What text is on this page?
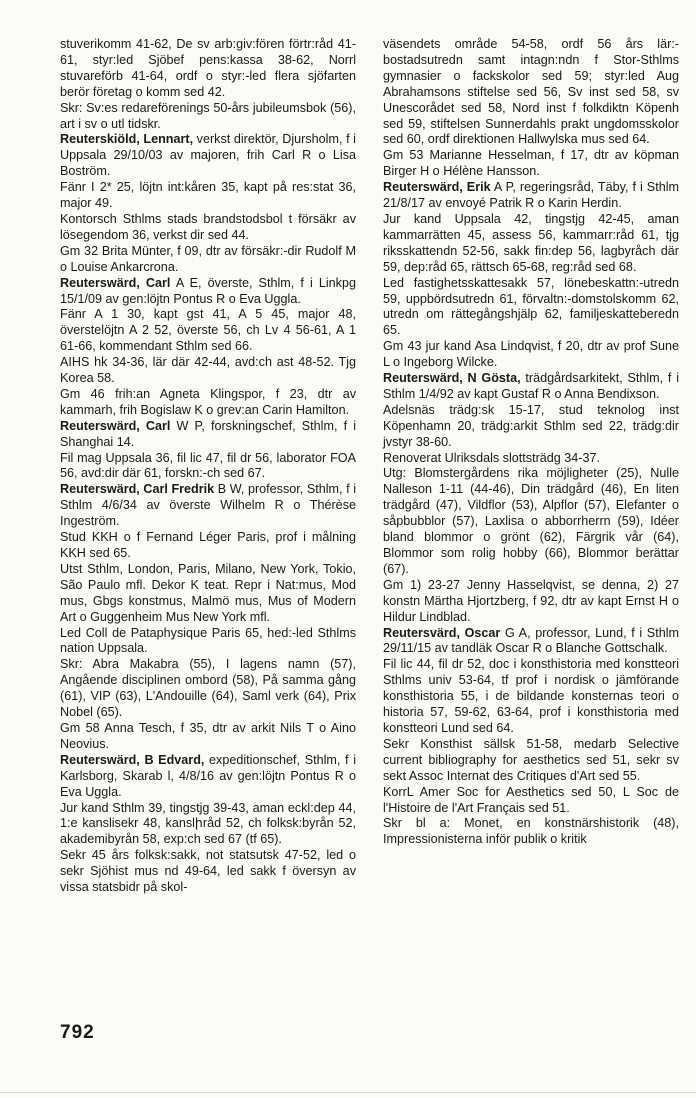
stuverikomm 41-62, De sv arb:giv:fören förtr:råd 41-61, styr:led Sjöbef pens:kassa 38-62, Norrl stuvareförb 41-64, ordf o styr:-led flera sjöfarten berör företag o komm sed 42.

Skr: Sv:es redareförenings 50-års jubileumsbok (56), art i sv o utl tidskr.

Reuterskiöld, Lennart, verkst direktör, Djursholm, f i Uppsala 29/10/03 av majoren, frih Carl R o Lisa Boström.

Fänr I 2* 25, löjtn int:kåren 35, kapt på res:stat 36, major 49.

Kontorsch Sthlms stads brandstodsbol t försäkr av lösegendom 36, verkst dir sed 44.

Gm 32 Brita Münter, f 09, dtr av försäkr:-dir Rudolf M o Louise Ankarcrona.

Reuterswärd, Carl A E, överste, Sthlm, f i Linkpg 15/1/09 av gen:löjtn Pontus R o Eva Uggla.

Fänr A 1 30, kapt gst 41, A 5 45, major 48, överstelöjtn A 2 52, överste 56, ch Lv 4 56-61, A 1 61-66, kommendant Sthlm sed 66.

AIHS hk 34-36, lär där 42-44, avd:ch ast 48-52. Tjg Korea 58.

Gm 46 frih:an Agneta Klingspor, f 23, dtr av kammarh, frih Bogislaw K o grev:an Carin Hamilton.

Reuterswärd, Carl W P, forskningschef, Sthlm, f i Shanghai 14.

Fil mag Uppsala 36, fil lic 47, fil dr 56, laborator FOA 56, avd:dir där 61, forskn:-ch sed 67.

Reuterswärd, Carl Fredrik B W, professor, Sthlm, f i Sthlm 4/6/34 av överste Wilhelm R o Thérèse Ingeström.

Stud KKH o f Fernand Léger Paris, prof i målning KKH sed 65.

Utst Sthlm, London, Paris, Milano, New York, Tokio, São Paulo mfl. Dekor K teat. Repr i Nat:mus, Mod mus, Gbgs konstmus, Malmö mus, Mus of Modern Art o Guggenheim Mus New York mfl.

Led Coll de Pataphysique Paris 65, hed:-led Sthlms nation Uppsala.

Skr: Abra Makabra (55), I lagens namn (57), Angående disciplinen ombord (58), På samma gång (61), VIP (63), L'Andouille (64), Saml verk (64), Prix Nobel (65).

Gm 58 Anna Tesch, f 35, dtr av arkit Nils T o Aino Neovius.

Reuterswärd, B Edvard, expeditionschef, Sthlm, f i Karlsborg, Skarab l, 4/8/16 av gen:löjtn Pontus R o Eva Uggla.

Jur kand Sthlm 39, tingstjg 39-43, aman eckl:dep 44, 1:e kanslisekr 48, kanslիråd 52, ch folksk:byrån 52, akademibyrån 58, exp:ch sed 67 (tf 65).

Sekr 45 års folksk:sakk, not statsutsk 47-52, led o sekr Sjöhist mus nd 49-64, led sakk f översyn av vissa statsbidr på skol-

väsendets område 54-58, ordf 56 års lär:-bostadsutredn samt intagn:ndn f Stor-Sthlms gymnasier o fackskolor sed 59; styr:led Aug Abrahamsons stiftelse sed 56, Sv inst sed 58, sv Unescorådet sed 58, Nord inst f folkdiktn Köpenh sed 59, stiftelsen Sunnerdahls prakt ungdomsskolor sed 60, ordf direktionen Hallwylska mus sed 64.

Gm 53 Marianne Hesselman, f 17, dtr av köpman Birger H o Hélène Hansson.

Reuterswärd, Erik A P, regeringsråd, Täby, f i Sthlm 21/8/17 av envoyé Patrik R o Karin Herdin.

Jur kand Uppsala 42, tingstjg 42-45, aman kammarrätten 45, assess 56, kammarr:råd 61, tjg riksskattendn 52-56, sakk fin:dep 56, lagbyråch där 59, dep:råd 65, rättsch 65-68, reg:råd sed 68.

Led fastighetsskattesakk 57, lönebeskattn:-utredn 59, uppbördsutredn 61, förvaltn:-domstolskomm 62, utredn om rättegångshjälp 62, familjeskatteberedn 65.

Gm 43 jur kand Asa Lindqvist, f 20, dtr av prof Sune L o Ingeborg Wilcke.

Reuterswärd, N Gösta, trädgårdsarkitekt, Sthlm, f i Sthlm 1/4/92 av kapt Gustaf R o Anna Bendixson.

Adelsnäs trädg:sk 15-17, stud teknolog inst Köpenhamn 20, trädg:arkit Sthlm sed 22, trädg:dir jvstyr 38-60.

Renoverat Ulriksdals slottsträdg 34-37.

Utg: Blomstergårdens rika möjligheter (25), Nulle Nalleson 1-11 (44-46), Din trädgård (46), En liten trädgård (47), Vildflor (53), Alpflor (57), Elefanter o såpbubblor (57), Laxlisa o abborrherrn (59), Idéer bland blommor o grönt (62), Färgrik vår (64), Blommor som rolig hobby (66), Blommor berättar (67).

Gm 1) 23-27 Jenny Hasselqvist, se denna, 2) 27 konstn Märtha Hjortzberg, f 92, dtr av kapt Ernst H o Hildur Lindblad.

Reutersvärd, Oscar G A, professor, Lund, f i Sthlm 29/11/15 av tandläk Oscar R o Blanche Gottschalk.

Fil lic 44, fil dr 52, doc i konsthistoria med konstteori Sthlms univ 53-64, tf prof i nordisk o jämförande konsthistoria 55, i de bildande konsternas teori o historia 57, 59-62, 63-64, prof i konsthistoria med konstteori Lund sed 64.

Sekr Konsthist sällsk 51-58, medarb Selective current bibliography for aesthetics sed 51, sekr sv sekt Assoc Internat des Critiques d'Art sed 55.

KorrL Amer Soc for Aesthetics sed 50, L Soc de l'Histoire de l'Art Français sed 51.

Skr bl a: Monet, en konstnärshistorik (48), Impressionisterna inför publik o kritik

792
